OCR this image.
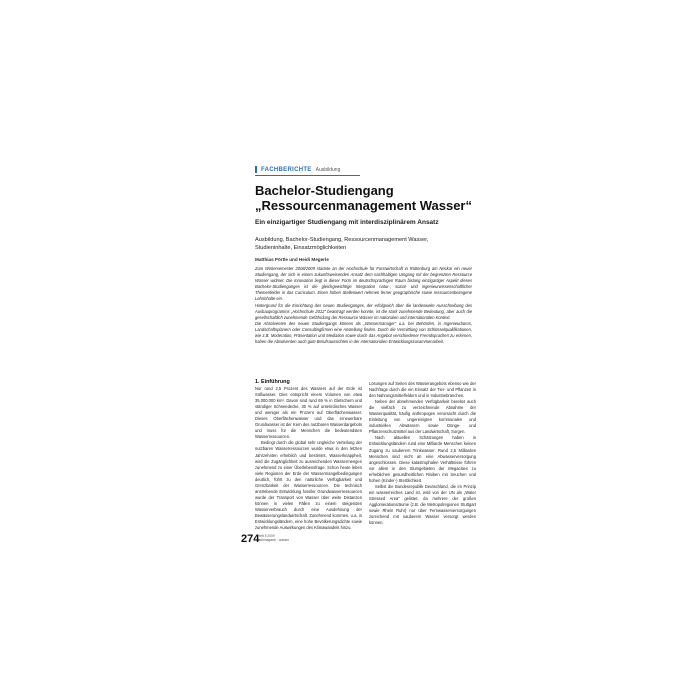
FACHBERICHTE Ausbildung
Bachelor-Studiengang
„Ressourcenmanagement Wasser“
Ein einzigartiger Studiengang mit interdisziplinärem Ansatz
Ausbildung, Bachelor-Studiengang, Ressourcenmanagement Wasser, Studieninhalte, Einsatzmöglichkeiten
Matthias Pörtle und Heidi Megerle

Zum Wintersemester 2008/2009 startete an der Hochschule für Forstwirtschaft in Rottenburg am Neckar ein neuer Studiengang, der sich in einem zukunftsweisenden Ansatz dem nachhaltigen Umgang mit der begrenzten Ressource Wasser widmet. Die Innovation liegt in dieser Form im deutschsprachigen Raum bislang einzigartiger Aspekt dieses Bachelor-Studienganges ist die gleichgewichtige Integration natur-, sozial- und ingenieurwissenschaftlicher Themenfelder in das Curriculum. Einen hohen Stellenwert nehmen ferner geographische sowie ressourcenbezogene Lehrinhalte ein.

Hintergrund für die Einrichtung des neuen Studienganges, der erfolgreich über die landesweite Ausschreibung des Ausbauprogramms „Hochschule 2012“ beantragt werden konnte, ist die stark zunehmende Bedeutung, aber auch die gesellschaftlich zunehmende Gefährdung der Ressource Wasser im nationalen und internationalen Kontext.

Die Absolventen des neuen Studiengangs können als „Wassermanager“ u.a. bei Behörden, in Ingenieurbüros, Landschaftsplanern oder Consultingfirmen eine Anstellung finden. Durch die Vermittlung von Schlüsselqualifikationen, wie z.B. Moderation, Präsentation und Mediation sowie durch das Angebot verschiedener Fremdsprachen zu erlernen, haben die Absolventen auch gute Berufsaussichten in der internationalen Entwicklungszusammenarbeit.

1. Einführung

Nur rund 2,5 Prozent des Wassers auf der Erde ist Süßwasser. Dies entspricht einem Volumen von etwa 35.000.000 km³. Davon sind rund 69 % in Gletschern und ständiger Schneedecke, 30 % auf unterirdisches Wasser und weniger als ein Prozent auf Oberflächenwasser. Dieses Oberflächenwasser und das erneuerbare Grundwasser ist der Kern des nutzbaren Wasserdargebots und muss für die Menschen die bedeutendsten Wasserressourcen.

Bedingt durch die global sehr ungleiche Verteilung der nutzbaren Wasserressourcen wurde etwa in den letzten Jahrzehnten erheblich und bestimmt, Wasserknappheit, wird die Zugänglichkeit zu ausreichenden Wassermengen zunehmend zu einer Überlebensfrage. Schon heute leben viele Regionen der Erde der Wassermangelbedingungen deutlich, führt zu den natürliche Verfügbarkeit und Grenzbarkeit der Wasserressourcen. Die technisch anstrebende Entwicklung fossiler Grundwasserressourcen wurde der Transport von Wasser über weite Distanzen können in vielen Fällen zu einem steigenden Wasserverbrauch durch eine Ausdehnung der Bewässerungslandwirtschaft. Zunehmend kommen, u.a. in Entwicklungsländern, eine hohe Bevölkerungsdichte sowie zunehmende Auswirkungen des Klimawandels hinzu.

Lösungen auf Seiten des Wasserangebots ebenso wie der Nachfrage durch die ein Einsatz der Tier- und Pflanzen in den Nahrungsmittelfeldern und in Industriebranchen.

Neben der abnehmenden Verfügbarkeit bereitet auch die vielfach zu verzeichnende Abnahme der Wasserqualität, häufig anthropogen verursacht durch die Einleitung von ungereinigten kommunalen und industriellen Abwässern sowie Dünge- und Pflanzenschutzmittel aus der Landwirtschaft, Sorgen.

Nach aktuellen Schätzungen haben in Entwicklungsländern rund eine Milliarde Menschen keinen Zugang zu sauberem Trinkwasser. Rund 2,5 Milliarden Menschen sind nicht an eine Abwasserversorgung angeschlossen. Diese katastrophalen Verhältnisse führen vor allem in den Slumgebieten der Megacities zu erheblichen gesundheitlichen Risiken mit Seuchen und hohen (Kinder-) Sterblichkeit.

Selbst die Bundesrepublik Deutschland, die im Prinzip ein wasserreiches Land ist, wird von der UN als „Water Stressed Area“ gelistet, da mehrere der großen Agglomerationsräume (z.B. die Metropolregionen Stuttgart sowie Rhein Ruhr) nur über Fernwasserversorgungen zureichend mit sauberem Wasser versorgt werden können.

274
Heft 5 2009
fachmagazin · wasser
